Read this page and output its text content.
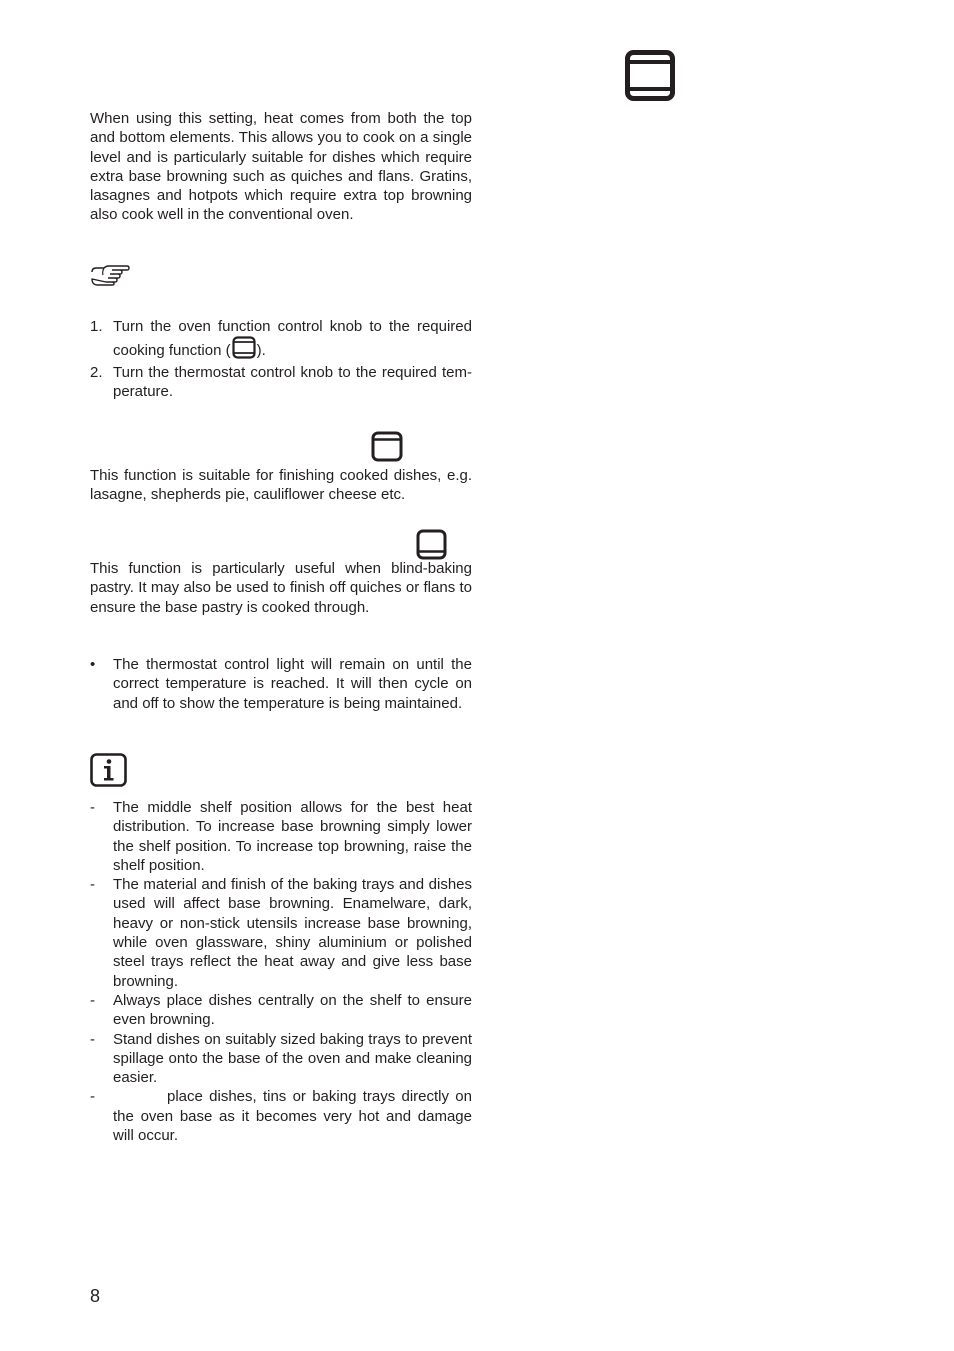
When using this setting, heat comes from both the top and bottom elements. This allows you to cook on a single level and is particularly suitable for dishes which require extra base browning such as quiches and flans. Gratins, lasagnes and hotpots which require extra top browning also cook well in the conventional oven.

1. Turn the oven function control knob to the required cooking function ( ).
2. Turn the thermostat control knob to the required tem-perature.

This function is suitable for finishing cooked dishes, e.g. lasagne, shepherds pie, cauliflower cheese etc.

This function is particularly useful when blind-baking pastry. It may also be used to finish off quiches or flans to ensure the base pastry is cooked through.

• The thermostat control light will remain on until the correct temperature is reached. It will then cycle on and off to show the temperature is being maintained.
- The middle shelf position allows for the best heat distribution. To increase base browning simply lower the shelf position. To increase top browning, raise the shelf position.
- The material and finish of the baking trays and dishes used will affect base browning. Enamelware, dark, heavy or non-stick utensils increase base browning, while oven glassware, shiny aluminium or polished steel trays reflect the heat away and give less base browning.
- Always place dishes centrally on the shelf to ensure even browning.
- Stand dishes on suitably sized baking trays to prevent spillage onto the base of the oven and make cleaning easier.
-	place dishes, tins or baking trays directly on the oven base as it becomes very hot and damage will occur.
8
